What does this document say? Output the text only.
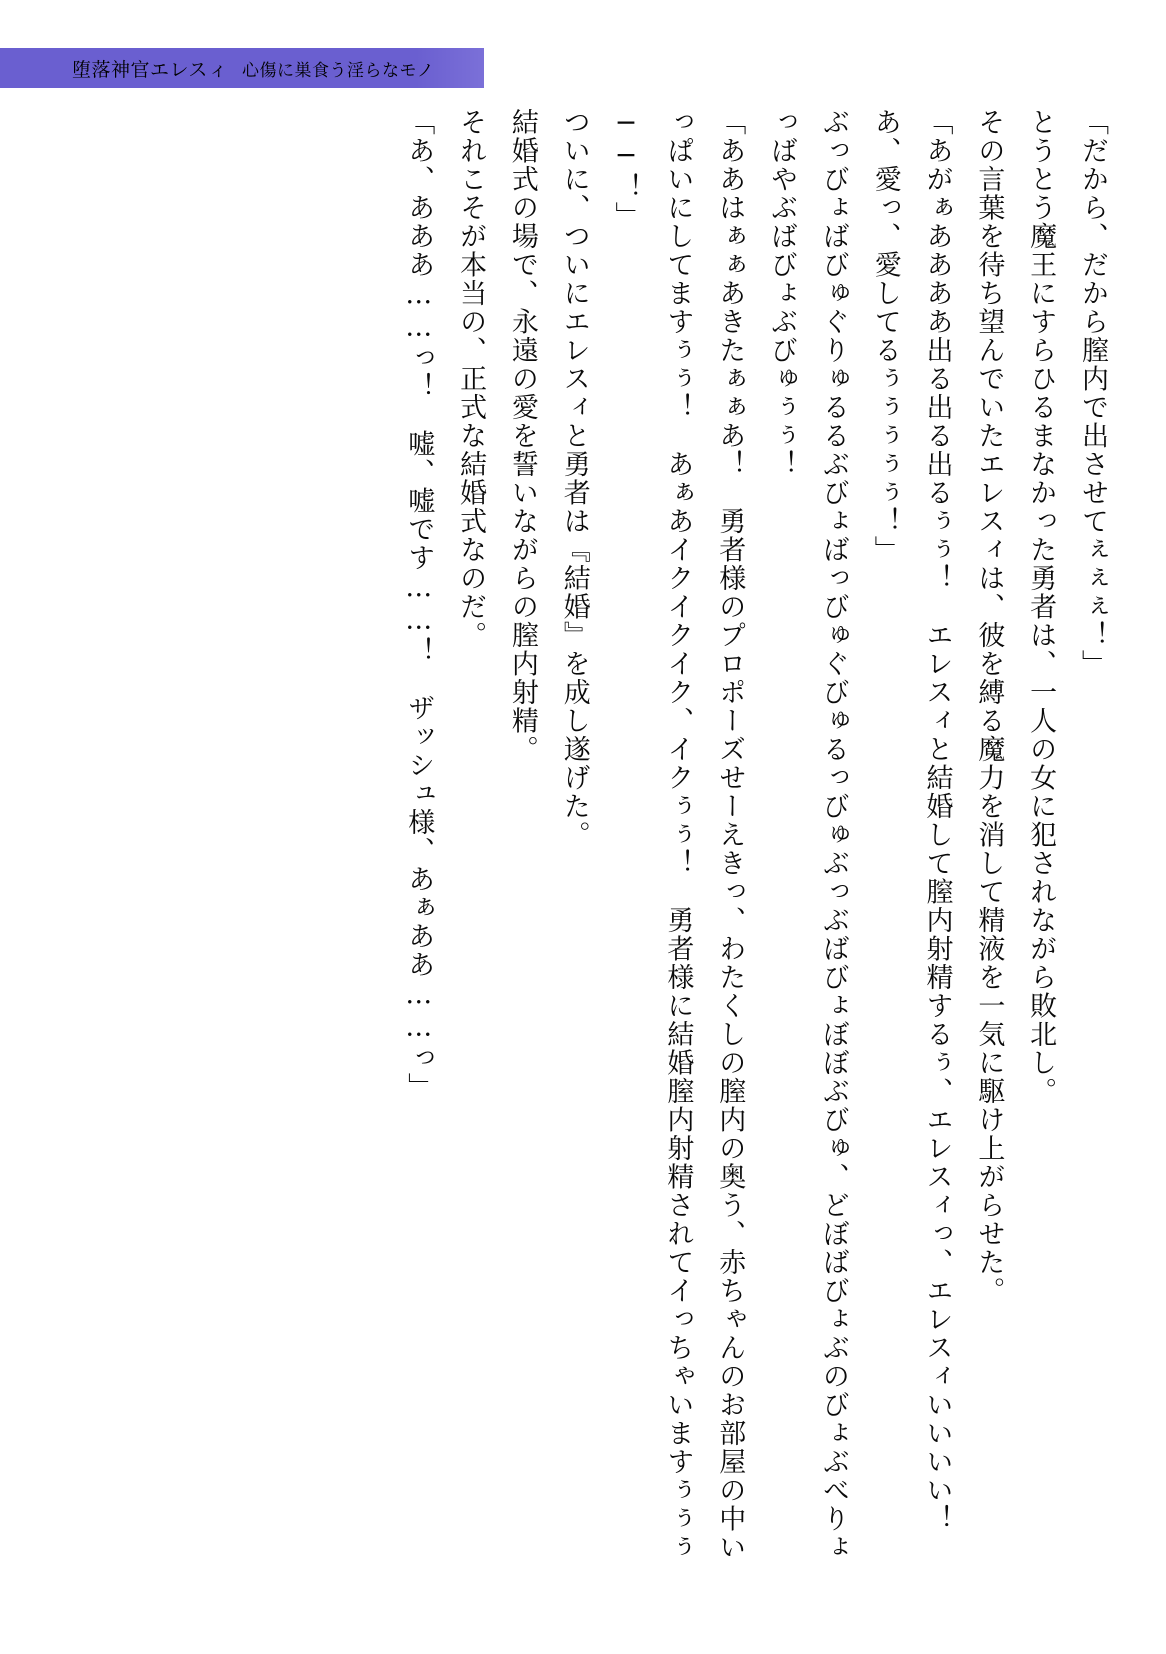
堕落神官エレスィ 心傷に巣食う淫らなモノ

「だから、だから膣内で出させてぇぇぇ！」

とうとう魔王にすらひるまなかった勇者は、一人の女に犯されながら敗北し。

その言葉を待ち望んでいたエレスィは、彼を縛る魔力を消して精液を一気に駆け上がらせた。

「あがぁああああ出る出る出るぅぅ！　エレスィと結婚して膣内射精するぅ、エレスィっ、エレスィいいいい！　あ、愛っ、愛してるぅぅぅぅぅ！」

ぶっびょばびゅぐりゅるるぶびょばっびゅぐびゅるっびゅぶっぶばびょぼぼぶびゅ、どぼばびょぶのびょぶべりょっばやぶばびょぶびゅぅぅ！

「ああはぁぁあきたぁぁあ！　勇者様のプロポーズせーえきっ、わたくしの膣内の奥う、赤ちゃんのお部屋の中いっぱいにしてますぅぅ！　あぁあイクイクイク、イクぅぅ！　勇者様に結婚膣内射精されてイっちゃいますぅぅぅ──！」

ついに、ついにエレスィと勇者は『結婚』を成し遂げた。

結婚式の場で、永遠の愛を誓いながらの膣内射精。

それこそが本当の、正式な結婚式なのだ。

「あ、あああ……っ！　嘘、嘘です……！　ザッシュ様、あぁああ……っ」
